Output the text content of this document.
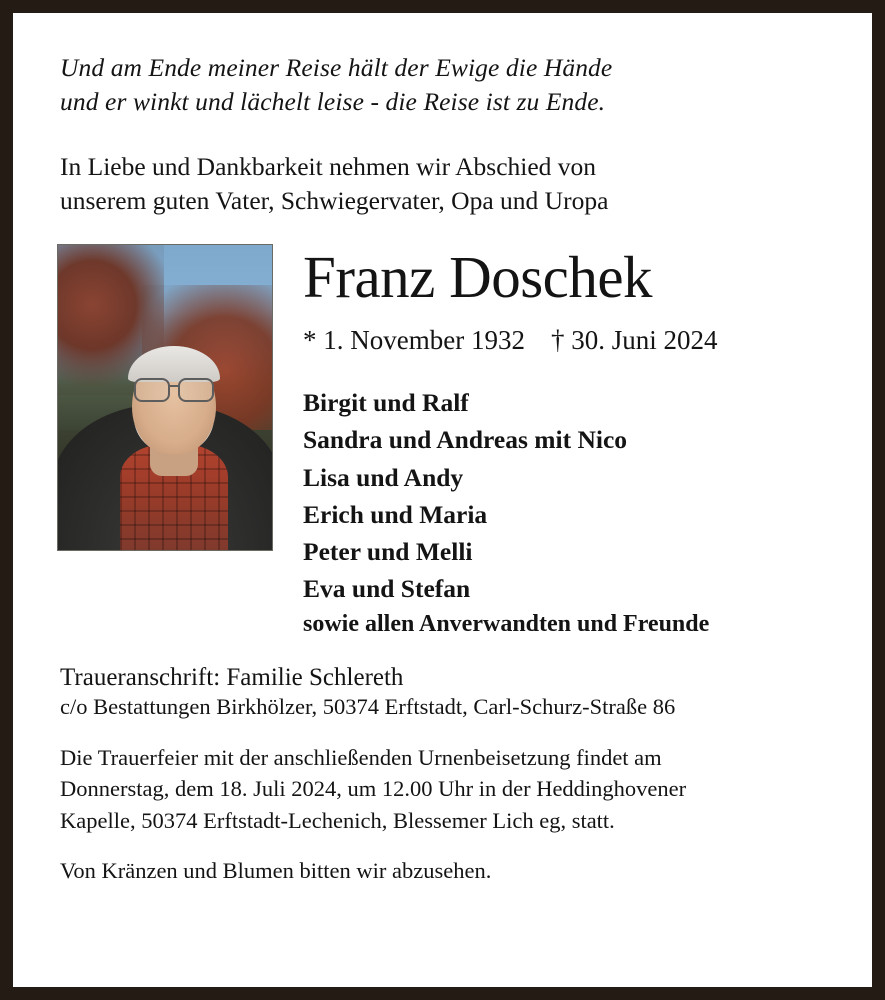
Und am Ende meiner Reise hält der Ewige die Hände
und er winkt und lächelt leise - die Reise ist zu Ende.
In Liebe und Dankbarkeit nehmen wir Abschied von
unserem guten Vater, Schwiegervater, Opa und Uropa
Franz Doschek
* 1. November 1932 † 30. Juni 2024
Birgit und Ralf
Sandra und Andreas mit Nico
Lisa und Andy
Erich und Maria
Peter und Melli
Eva und Stefan
sowie allen Anverwandten und Freunde
Traueranschrift: Familie Schlereth
c/o Bestattungen Birkhölzer, 50374 Erftstadt, Carl-Schurz-Straße 86
Die Trauerfeier mit der anschließenden Urnenbeisetzung findet am
Donnerstag, dem 18. Juli 2024, um 12.00 Uhr in der Heddinghovener
Kapelle, 50374 Erftstadt-Lechenich, Blessemer Lich eg, statt.
Von Kränzen und Blumen bitten wir abzusehen.
